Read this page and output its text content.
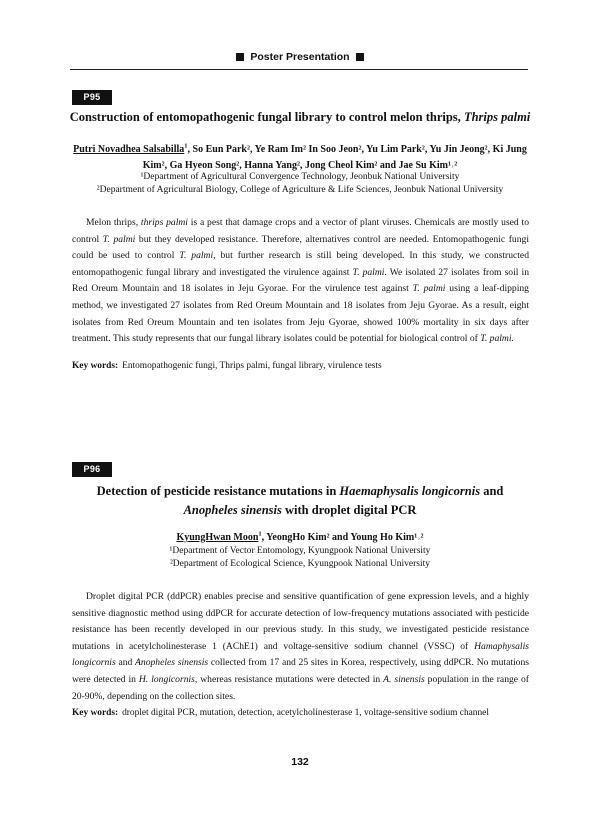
Poster Presentation
P95
Construction of entomopathogenic fungal library to control melon thrips, Thrips palmi
Putri Novadhea Salsabilla$^1$, So Eun Park², Ye Ram Im² In Soo Jeon², Yu Lim Park², Yu Jin Jeong², Ki Jung
Kim², Ga Hyeon Song², Hanna Yang², Jong Cheol Kim² and Jae Su Kim¹˒²
¹Department of Agricultural Convergence Technology, Jeonbuk National University
²Department of Agricultural Biology, College of Agriculture & Life Sciences, Jeonbuk National University

Melon thrips, thrips palmi is a pest that damage crops and a vector of plant viruses. Chemicals are mostly used to control T. palmi but they developed resistance. Therefore, alternatives control are needed. Entomopathogenic fungi could be used to control T. palmi, but further research is still being developed. In this study, we constructed entomopathogenic fungal library and investigated the virulence against T. palmi. We isolated 27 isolates from soil in Red Oreum Mountain and 18 isolates in Jeju Gyorae. For the virulence test against T. palmi using a leaf-dipping method, we investigated 27 isolates from Red Oreum Mountain and 18 isolates from Jeju Gyorae. As a result, eight isolates from Red Oreum Mountain and ten isolates from Jeju Gyorae, showed 100% mortality in six days after treatment. This study represents that our fungal library isolates could be potential for biological control of T. palmi.

Key words: Entomopathogenic fungi, Thrips palmi, fungal library, virulence tests
P96
Detection of pesticide resistance mutations in Haemaphysalis longicornis and
Anopheles sinensis with droplet digital PCR
KyungHwan Moon$^1$, YeongHo Kim² and Young Ho Kim¹˒²
¹Department of Vector Entomology, Kyungpook National University
²Department of Ecological Science, Kyungpook National University

Droplet digital PCR (ddPCR) enables precise and sensitive quantification of gene expression levels, and a highly sensitive diagnostic method using ddPCR for accurate detection of low-frequency mutations associated with pesticide resistance has been recently developed in our previous study. In this study, we investigated pesticide resistance mutations in acetylcholinesterase 1 (AChE1) and voltage-sensitive sodium channel (VSSC) of Hamaphysalis longicornis and Anopheles sinensis collected from 17 and 25 sites in Korea, respectively, using ddPCR. No mutations were detected in H. longicornis, whereas resistance mutations were detected in A. sinensis population in the range of 20-90%, depending on the collection sites.

Key words: droplet digital PCR, mutation, detection, acetylcholinesterase 1, voltage-sensitive sodium channel
132
